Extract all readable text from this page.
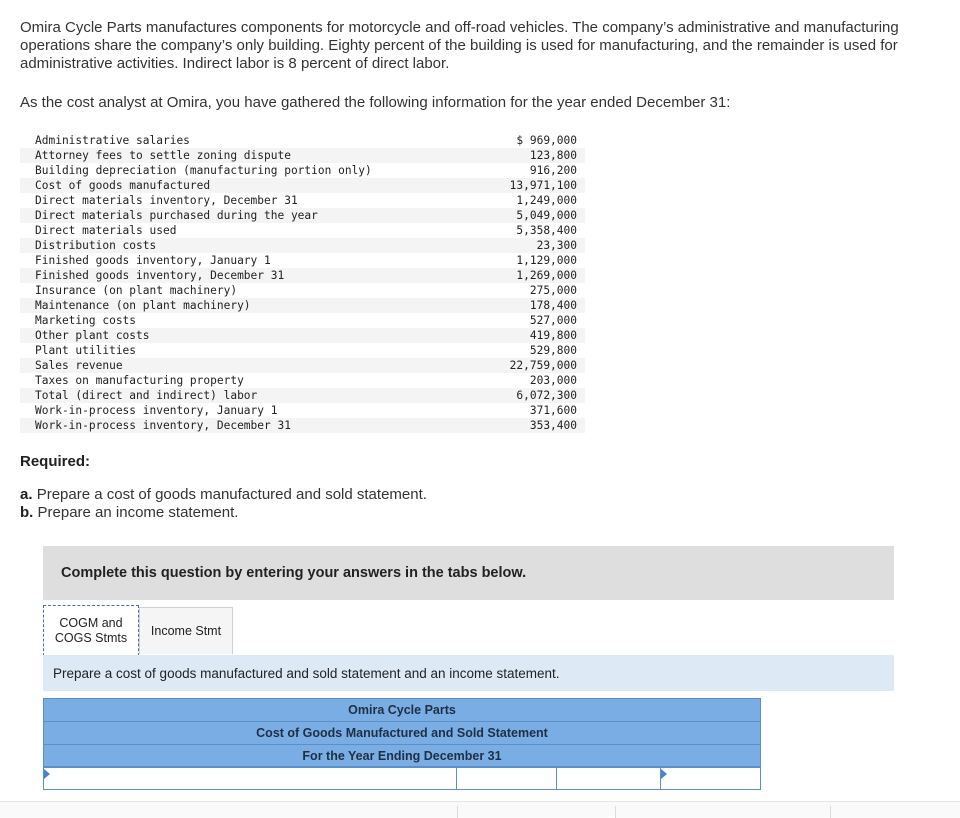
Omira Cycle Parts manufactures components for motorcycle and off-road vehicles. The company’s administrative and manufacturing operations share the company’s only building. Eighty percent of the building is used for manufacturing, and the remainder is used for administrative activities. Indirect labor is 8 percent of direct labor.

As the cost analyst at Omira, you have gathered the following information for the year ended December 31:

Administrative salaries	$ 969,000
Attorney fees to settle zoning dispute	123,800
Building depreciation (manufacturing portion only)	916,200
Cost of goods manufactured	13,971,100
Direct materials inventory, December 31	1,249,000
Direct materials purchased during the year	5,049,000
Direct materials used	5,358,400
Distribution costs	23,300
Finished goods inventory, January 1	1,129,000
Finished goods inventory, December 31	1,269,000
Insurance (on plant machinery)	275,000
Maintenance (on plant machinery)	178,400
Marketing costs	527,000
Other plant costs	419,800
Plant utilities	529,800
Sales revenue	22,759,000
Taxes on manufacturing property	203,000
Total (direct and indirect) labor	6,072,300
Work-in-process inventory, January 1	371,600
Work-in-process inventory, December 31	353,400
Required:
a. Prepare a cost of goods manufactured and sold statement.
b. Prepare an income statement.
Complete this question by entering your answers in the tabs below.
COGM and
COGS Stmts	Income Stmt
Prepare a cost of goods manufactured and sold statement and an income statement.
Omira Cycle Parts
Cost of Goods Manufactured and Sold Statement
For the Year Ending December 31
